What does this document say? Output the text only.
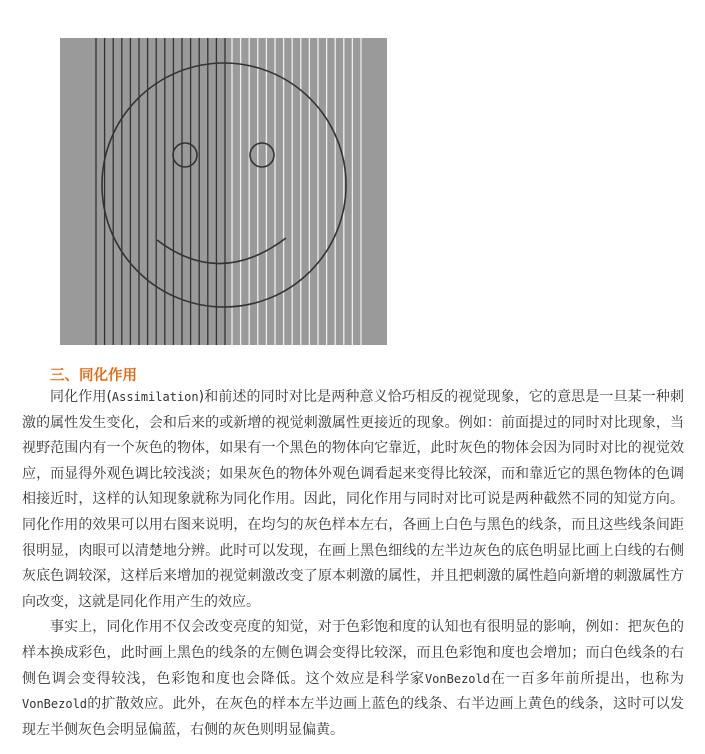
三、同化作用

同化作用(Assimilation)和前述的同时对比是两种意义恰巧相反的视觉现象，它的意思是一旦某一种刺激的属性发生变化，会和后来的或新增的视觉刺激属性更接近的现象。例如：前面提过的同时对比现象，当视野范围内有一个灰色的物体，如果有一个黑色的物体向它靠近，此时灰色的物体会因为同时对比的视觉效应，而显得外观色调比较浅淡；如果灰色的物体外观色调看起来变得比较深，而和靠近它的黑色物体的色调相接近时，这样的认知现象就称为同化作用。因此，同化作用与同时对比可说是两种截然不同的知觉方向。同化作用的效果可以用右图来说明，在均匀的灰色样本左右，各画上白色与黑色的线条，而且这些线条间距很明显，肉眼可以清楚地分辨。此时可以发现，在画上黑色细线的左半边灰色的底色明显比画上白线的右侧灰底色调较深，这样后来增加的视觉刺激改变了原本刺激的属性，并且把刺激的属性趋向新增的刺激属性方向改变，这就是同化作用产生的效应。

事实上，同化作用不仅会改变亮度的知觉，对于色彩饱和度的认知也有很明显的影响，例如：把灰色的样本换成彩色，此时画上黑色的线条的左侧色调会变得比较深，而且色彩饱和度也会增加；而白色线条的右侧色调会变得较浅，色彩饱和度也会降低。这个效应是科学家VonBezold在一百多年前所提出，也称为VonBezold的扩散效应。此外，在灰色的样本左半边画上蓝色的线条、右半边画上黄色的线条，这时可以发现左半侧灰色会明显偏蓝，右侧的灰色则明显偏黄。
